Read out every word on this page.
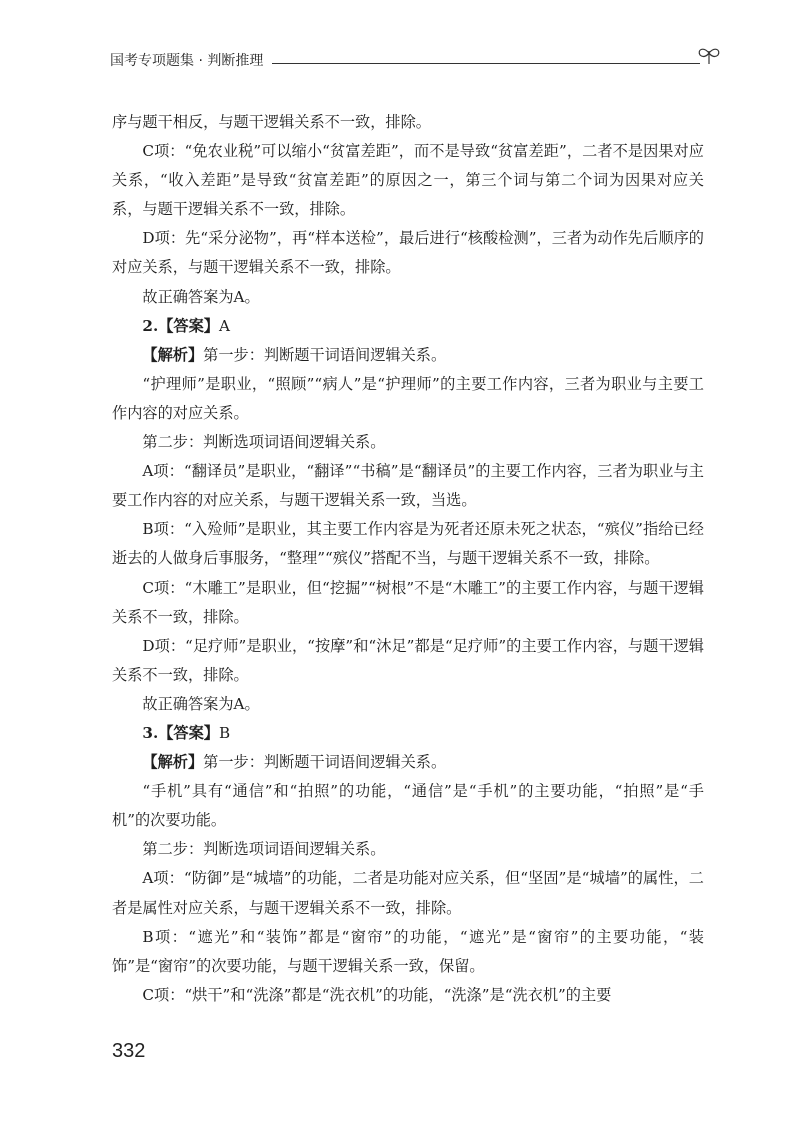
国考专项题集 · 判断推理

序与题干相反，与题干逻辑关系不一致，排除。

C项：“免农业税”可以缩小“贫富差距”，而不是导致“贫富差距”，二者不是因果对应关系，“收入差距”是导致“贫富差距”的原因之一，第三个词与第二个词为因果对应关系，与题干逻辑关系不一致，排除。

D项：先“采分泌物”，再“样本送检”，最后进行“核酸检测”，三者为动作先后顺序的对应关系，与题干逻辑关系不一致，排除。

故正确答案为A。

2.【答案】A

【解析】第一步：判断题干词语间逻辑关系。

“护理师”是职业，“照顾”“病人”是“护理师”的主要工作内容，三者为职业与主要工作内容的对应关系。

第二步：判断选项词语间逻辑关系。

A项：“翻译员”是职业，“翻译”“书稿”是“翻译员”的主要工作内容，三者为职业与主要工作内容的对应关系，与题干逻辑关系一致，当选。

B项：“入殓师”是职业，其主要工作内容是为死者还原未死之状态，“殡仪”指给已经逝去的人做身后事服务，“整理”“殡仪”搭配不当，与题干逻辑关系不一致，排除。

C项：“木雕工”是职业，但“挖掘”“树根”不是“木雕工”的主要工作内容，与题干逻辑关系不一致，排除。

D项：“足疗师”是职业，“按摩”和“沐足”都是“足疗师”的主要工作内容，与题干逻辑关系不一致，排除。

故正确答案为A。

3.【答案】B

【解析】第一步：判断题干词语间逻辑关系。

“手机”具有“通信”和“拍照”的功能，“通信”是“手机”的主要功能，“拍照”是“手机”的次要功能。

第二步：判断选项词语间逻辑关系。

A项：“防御”是“城墙”的功能，二者是功能对应关系，但“坚固”是“城墙”的属性，二者是属性对应关系，与题干逻辑关系不一致，排除。

B项：“遮光”和“装饰”都是“窗帘”的功能，“遮光”是“窗帘”的主要功能，“装饰”是“窗帘”的次要功能，与题干逻辑关系一致，保留。

C项：“烘干”和“洗涤”都是“洗衣机”的功能，“洗涤”是“洗衣机”的主要

332
